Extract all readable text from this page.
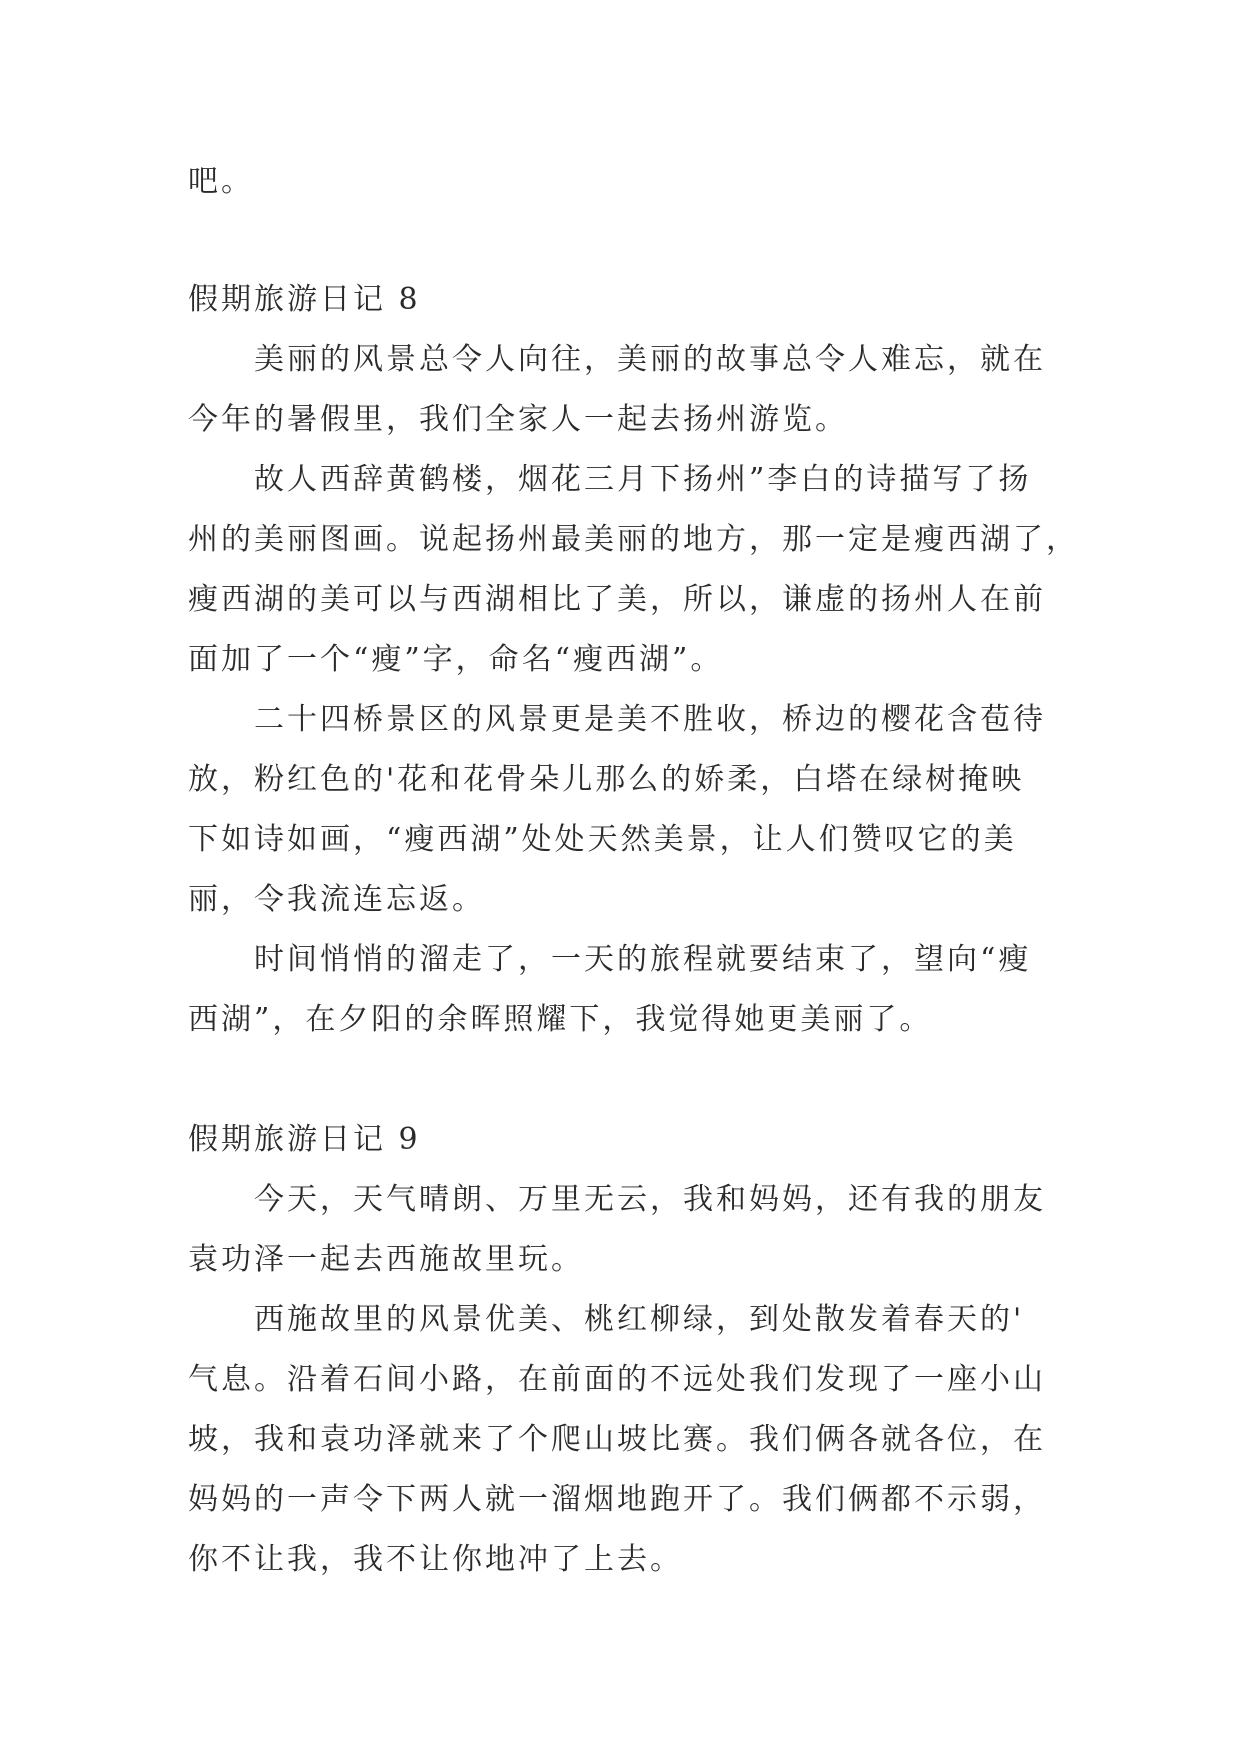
吧。
假期旅游日记 8
美丽的风景总令人向往，美丽的故事总令人难忘，就在
今年的暑假里，我们全家人一起去扬州游览。
故人西辞黄鹤楼，烟花三月下扬州”李白的诗描写了扬
州的美丽图画。说起扬州最美丽的地方，那一定是瘦西湖了，
瘦西湖的美可以与西湖相比了美，所以，谦虚的扬州人在前
面加了一个“瘦”字，命名“瘦西湖”。
二十四桥景区的风景更是美不胜收，桥边的樱花含苞待
放，粉红色的'花和花骨朵儿那么的娇柔，白塔在绿树掩映
下如诗如画，“瘦西湖”处处天然美景，让人们赞叹它的美
丽，令我流连忘返。
时间悄悄的溜走了，一天的旅程就要结束了，望向“瘦
西湖”，在夕阳的余晖照耀下，我觉得她更美丽了。
假期旅游日记 9
今天，天气晴朗、万里无云，我和妈妈，还有我的朋友
袁功泽一起去西施故里玩。
西施故里的风景优美、桃红柳绿，到处散发着春天的'
气息。沿着石间小路，在前面的不远处我们发现了一座小山
坡，我和袁功泽就来了个爬山坡比赛。我们俩各就各位，在
妈妈的一声令下两人就一溜烟地跑开了。我们俩都不示弱，
你不让我，我不让你地冲了上去。
